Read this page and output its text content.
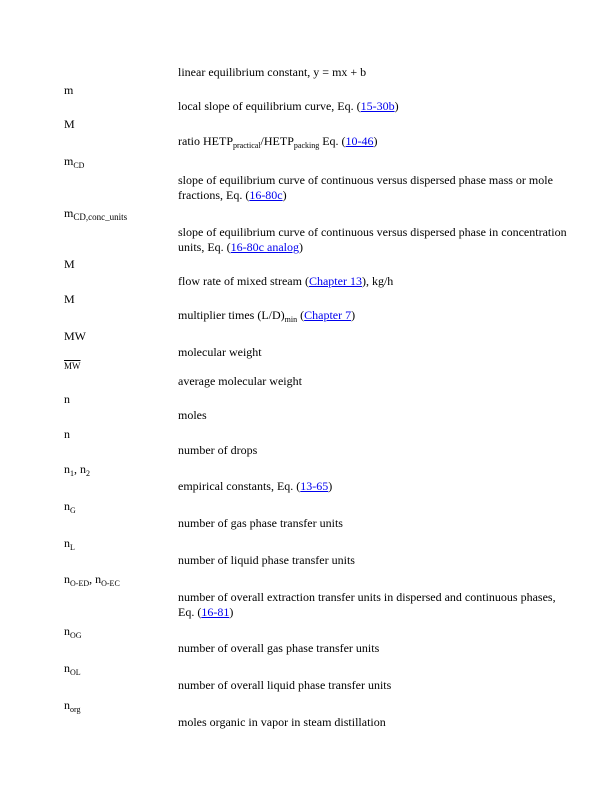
linear equilibrium constant, y = mx + b
m
local slope of equilibrium curve, Eq. (15-30b)
M
ratio $HETP_{practical}/HETP_{packing}$ Eq. (10-46)
$m_{CD}$
slope of equilibrium curve of continuous versus dispersed phase mass or mole fractions, Eq. (16-80c)
$m_{CD,conc\_units}$
slope of equilibrium curve of continuous versus dispersed phase in concentration units, Eq. (16-80c analog)
M
flow rate of mixed stream (Chapter 13), kg/h
M
multiplier times $(L/D)_{min}$ (Chapter 7)
MW
molecular weight
$\overline{MW}$
average molecular weight
n
moles
n
number of drops
$n_1$, $n_2$
empirical constants, Eq. (13-65)
$n_G$
number of gas phase transfer units
$n_L$
number of liquid phase transfer units
$n_{O-ED}$, $n_{O-EC}$
number of overall extraction transfer units in dispersed and continuous phases, Eq. (16-81)
$n_{OG}$
number of overall gas phase transfer units
$n_{OL}$
number of overall liquid phase transfer units
$n_{org}$
moles organic in vapor in steam distillation
